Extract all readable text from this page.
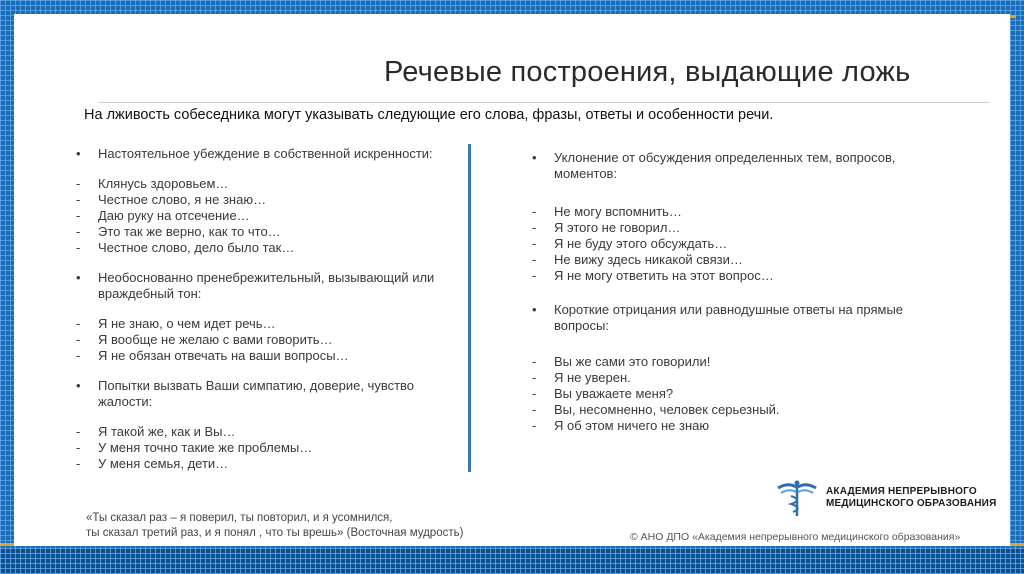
Речевые построения, выдающие ложь
На лживость собеседника могут указывать следующие его слова, фразы, ответы и особенности речи.
•	Настоятельное убеждение в собственной искренности:
-	Клянусь здоровьем…
-	Честное слово, я не знаю…
-	Даю руку на отсечение…
-	Это так же верно, как то что…
-	Честное слово, дело было так…
•	Необоснованно пренебрежительный, вызывающий или враждебный тон:
-	Я не знаю, о чем идет речь…
-	Я вообще не желаю с вами говорить…
-	Я не обязан отвечать на ваши вопросы…
•	Попытки вызвать Ваши симпатию, доверие, чувство жалости:
-	Я такой же, как и Вы…
-	У меня точно такие же проблемы…
-	У меня семья, дети…
•	Уклонение от обсуждения определенных тем, вопросов, моментов:
-	Не могу вспомнить…
-	Я этого не говорил…
-	Я не буду этого обсуждать…
-	Не вижу здесь никакой связи…
-	Я не могу ответить на этот вопрос…
•	Короткие отрицания или равнодушные ответы на прямые вопросы:
-	Вы же сами это говорили!
-	Я не уверен.
-	Вы уважаете меня?
-	Вы, несомненно, человек серьезный.
-	Я об этом ничего не знаю
«Ты сказал раз – я поверил, ты повторил, и я усомнился,
ты сказал третий раз, и я понял , что ты врешь» (Восточная мудрость)
АКАДЕМИЯ НЕПРЕРЫВНОГО
МЕДИЦИНСКОГО ОБРАЗОВАНИЯ
© АНО ДПО «Академия непрерывного медицинского образования»
